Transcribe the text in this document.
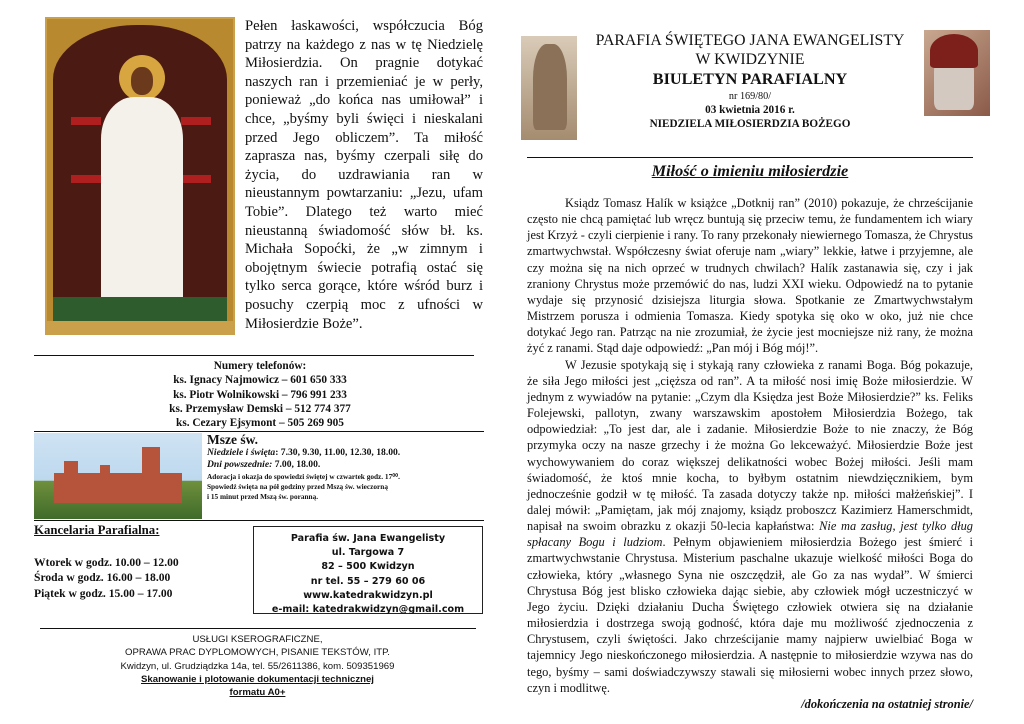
Pełen łaskawości, współczucia Bóg patrzy na każdego z nas w tę Niedzielę Miłosierdzia. On pragnie dotykać naszych ran i przemieniać je w perły, ponieważ „do końca nas umiłował” i chce, „byśmy byli święci i nieskalani przed Jego obliczem”. Ta miłość zaprasza nas, byśmy czerpali siłę do życia, do uzdrawiania ran w nieustannym powtarzaniu: „Jezu, ufam Tobie”. Dlatego też warto mieć nieustanną świadomość słów bł. ks. Michała Sopoćki, że „w zimnym i obojętnym świecie potrafią ostać się tylko serca gorące, które wśród burz i posuchy czerpią moc z ufności w Miłosierdzie Boże”.
Numery telefonów:
ks. Ignacy Najmowicz – 601 650 333
ks. Piotr Wolnikowski – 796 991 233
ks. Przemysław Demski – 512 774 377
ks. Cezary Ejsymont – 505 269 905
Msze św.
Niedziele i święta: 7.30, 9.30, 11.00, 12.30, 18.00.
Dni powszednie: 7.00, 18.00.
Adoracja i okazja do spowiedzi świętej w czwartek godz. 17⁰⁰.
Spowiedź święta na pół godziny przed Mszą św. wieczorną
i 15 minut przed Mszą św. poranną.
Kancelaria Parafialna:
Wtorek w godz. 10.00 – 12.00
Środa w godz. 16.00 – 18.00
Piątek w godz. 15.00 – 17.00
Parafia św. Jana Ewangelisty
ul. Targowa 7
82 – 500 Kwidzyn
nr tel. 55 – 279 60 06
www.katedrakwidzyn.pl
e-mail: katedrakwidzyn@gmail.com
USŁUGI KSEROGRAFICZNE,
OPRAWA PRAC DYPLOMOWYCH, PISANIE TEKSTÓW, ITP.
Kwidzyn, ul. Grudziądzka 14a, tel. 55/2611386, kom. 509351969
Skanowanie i plotowanie dokumentacji technicznej
formatu A0+
PARAFIA ŚWIĘTEGO JANA EWANGELISTY
W KWIDZYNIE
BIULETYN PARAFIALNY
nr 169/80/
03 kwietnia 2016 r.
NIEDZIELA MIŁOSIERDZIA BOŻEGO
Miłość o imieniu miłosierdzie

Ksiądz Tomasz Halík w książce „Dotknij ran” (2010) pokazuje, że chrześcijanie często nie chcą pamiętać lub wręcz buntują się przeciw temu, że fundamentem ich wiary jest Krzyż - czyli cierpienie i rany. To rany przekonały niewiernego Tomasza, że Chrystus zmartwychwstał. Współczesny świat oferuje nam „wiary” lekkie, łatwe i przyjemne, ale czy można się na nich oprzeć w trudnych chwilach? Halík zastanawia się, czy i jak zraniony Chrystus może przemówić do nas, ludzi XXI wieku. Odpowiedź na to pytanie wydaje się przynosić dzisiejsza liturgia słowa. Spotkanie ze Zmartwychwstałym Mistrzem porusza i odmienia Tomasza. Kiedy spotyka się oko w oko, już nie chce dotykać Jego ran. Patrząc na nie zrozumiał, że życie jest mocniejsze niż rany, że można żyć z ranami. Stąd daje odpowiedź: „Pan mój i Bóg mój!”.

W Jezusie spotykają się i stykają rany człowieka z ranami Boga. Bóg pokazuje, że siła Jego miłości jest „cięższa od ran”. A ta miłość nosi imię Boże miłosierdzie. W jednym z wywiadów na pytanie: „Czym dla Księdza jest Boże Miłosierdzie?” ks. Feliks Folejewski, pallotyn, zwany warszawskim apostołem Miłosierdzia Bożego, tak odpowiedział: „To jest dar, ale i zadanie. Miłosierdzie Boże to nie znaczy, że Bóg przymyka oczy na nasze grzechy i że można Go lekceważyć. Miłosierdzie Boże jest wychowywaniem do coraz większej delikatności wobec Bożej miłości. Jeśli mam świadomość, że ktoś mnie kocha, to byłbym ostatnim niewdzięcznikiem, bym jednocześnie godził w tę miłość. Ta zasada dotyczy także np. miłości małżeńskiej”. I dalej mówił: „Pamiętam, jak mój znajomy, ksiądz proboszcz Kazimierz Hamerschmidt, napisał na swoim obrazku z okazji 50-lecia kapłaństwa: Nie ma zasług, jest tylko dług spłacany Bogu i ludziom. Pełnym objawieniem miłosierdzia Bożego jest śmierć i zmartwychwstanie Chrystusa. Misterium paschalne ukazuje wielkość miłości Boga do człowieka, który „własnego Syna nie oszczędził, ale Go za nas wydał”. W śmierci Chrystusa Bóg jest blisko człowieka dając siebie, aby człowiek mógł uczestniczyć w Jego życiu. Dzięki działaniu Ducha Świętego człowiek otwiera się na działanie miłosierdzia i dostrzega swoją godność, która daje mu możliwość zjednoczenia z Chrystusem, czyli świętości. Jako chrześcijanie mamy najpierw uwielbiać Boga w tajemnicy Jego nieskończonego miłosierdzia. A następnie to miłosierdzie wzywa nas do tego, byśmy – sami doświadczywszy stawali się miłosierni wobec innych przez słowo, czyn i modlitwę.

/dokończenia na ostatniej stronie/
